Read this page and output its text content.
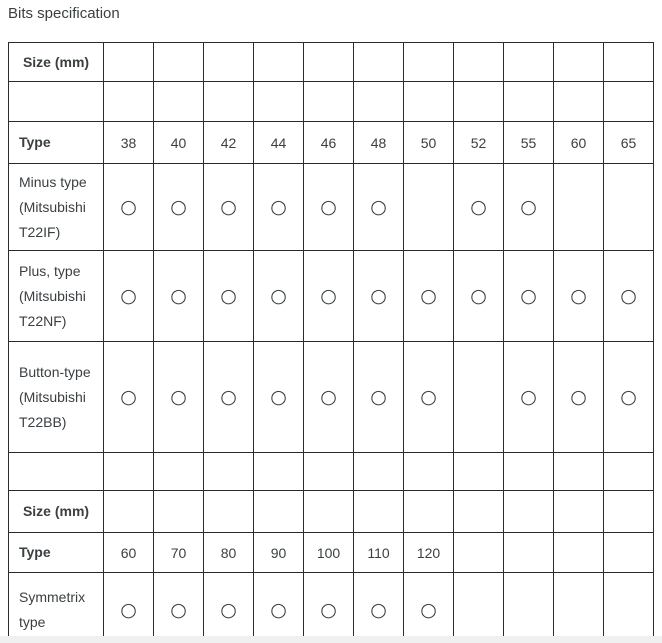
Bits specification
Size (mm)											

Type	38	40	42	44	46	48	50	52	55	60	65
Minus type (Mitsubishi T22IF)	○	○	○	○	○	○		○	○		
Plus, type (Mitsubishi T22NF)	○	○	○	○	○	○	○	○	○	○	○
Button-type (Mitsubishi T22BB)	○	○	○	○	○	○	○		○	○	○

Size (mm)											
Type	60	70	80	90	100	110	120				
Symmetrix type	○	○	○	○	○	○	○				
